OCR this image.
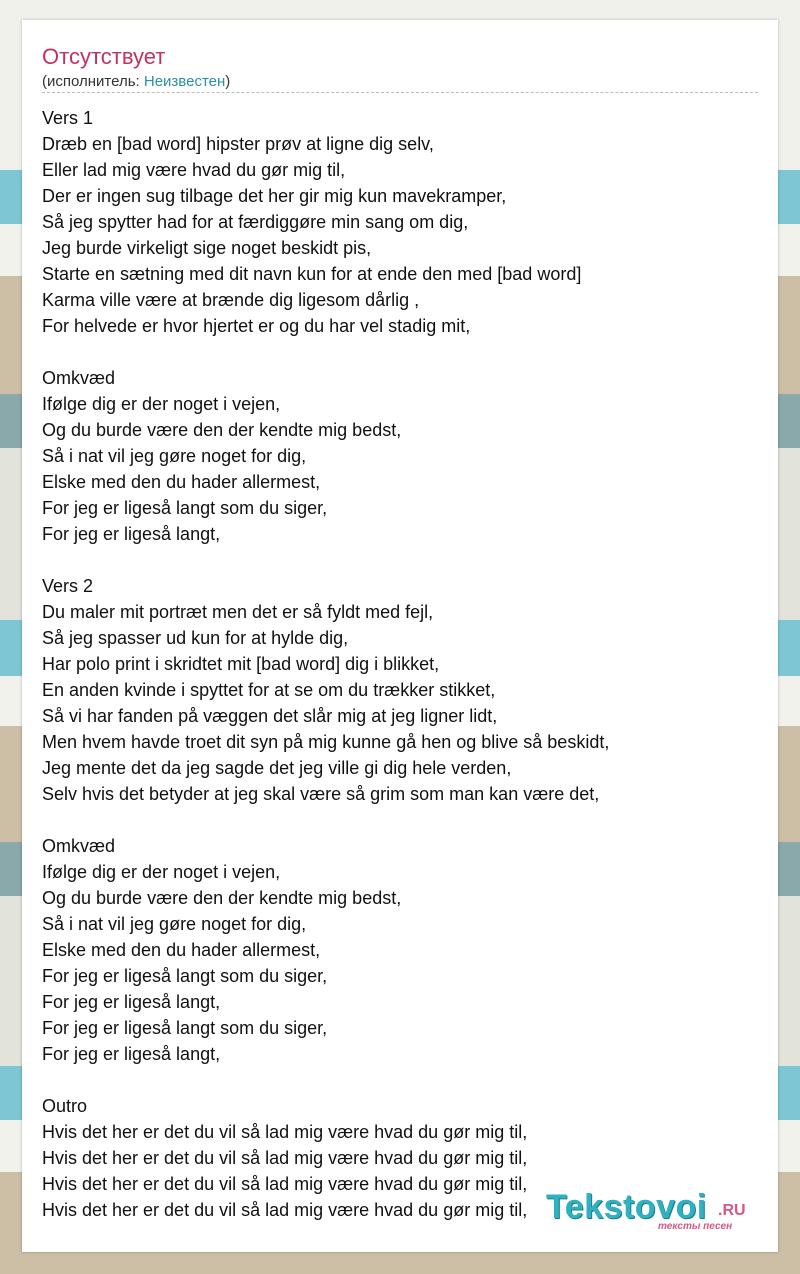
Отсутствует
(исполнитель: Неизвестен)
Vers 1
Dræb en [bad word] hipster prøv at ligne dig selv,
Eller lad mig være hvad du gør mig til,
Der er ingen sug tilbage det her gir mig kun mavekramper,
Så jeg spytter had for at færdiggøre min sang om dig,
Jeg burde virkeligt sige noget beskidt pis,
Starte en sætning med dit navn kun for at ende den med [bad word]
Karma ville være at brænde dig ligesom dårlig ,
For helvede er hvor hjertet er og du har vel stadig mit,
Omkvæd
Ifølge dig er der noget i vejen,
Og du burde være den der kendte mig bedst,
Så i nat vil jeg gøre noget for dig,
Elske med den du hader allermest,
For jeg er ligeså langt som du siger,
For jeg er ligeså langt,
Vers 2
Du maler mit portræt men det er så fyldt med fejl,
Så jeg spasser ud kun for at hylde dig,
Har polo print i skridtet mit [bad word] dig i blikket,
En anden kvinde i spyttet for at se om du trækker stikket,
Så vi har fanden på væggen det slår mig at jeg ligner lidt,
Men hvem havde troet dit syn på mig kunne gå hen og blive så beskidt,
Jeg mente det da jeg sagde det jeg ville gi dig hele verden,
Selv hvis det betyder at jeg skal være så grim som man kan være det,
Omkvæd
Ifølge dig er der noget i vejen,
Og du burde være den der kendte mig bedst,
Så i nat vil jeg gøre noget for dig,
Elske med den du hader allermest,
For jeg er ligeså langt som du siger,
For jeg er ligeså langt,
For jeg er ligeså langt som du siger,
For jeg er ligeså langt,
Outro
Hvis det her er det du vil så lad mig være hvad du gør mig til,
Hvis det her er det du vil så lad mig være hvad du gør mig til,
Hvis det her er det du vil så lad mig være hvad du gør mig til,
Hvis det her er det du vil så lad mig være hvad du gør mig til, Tekstovoi .RU
тексты песен
